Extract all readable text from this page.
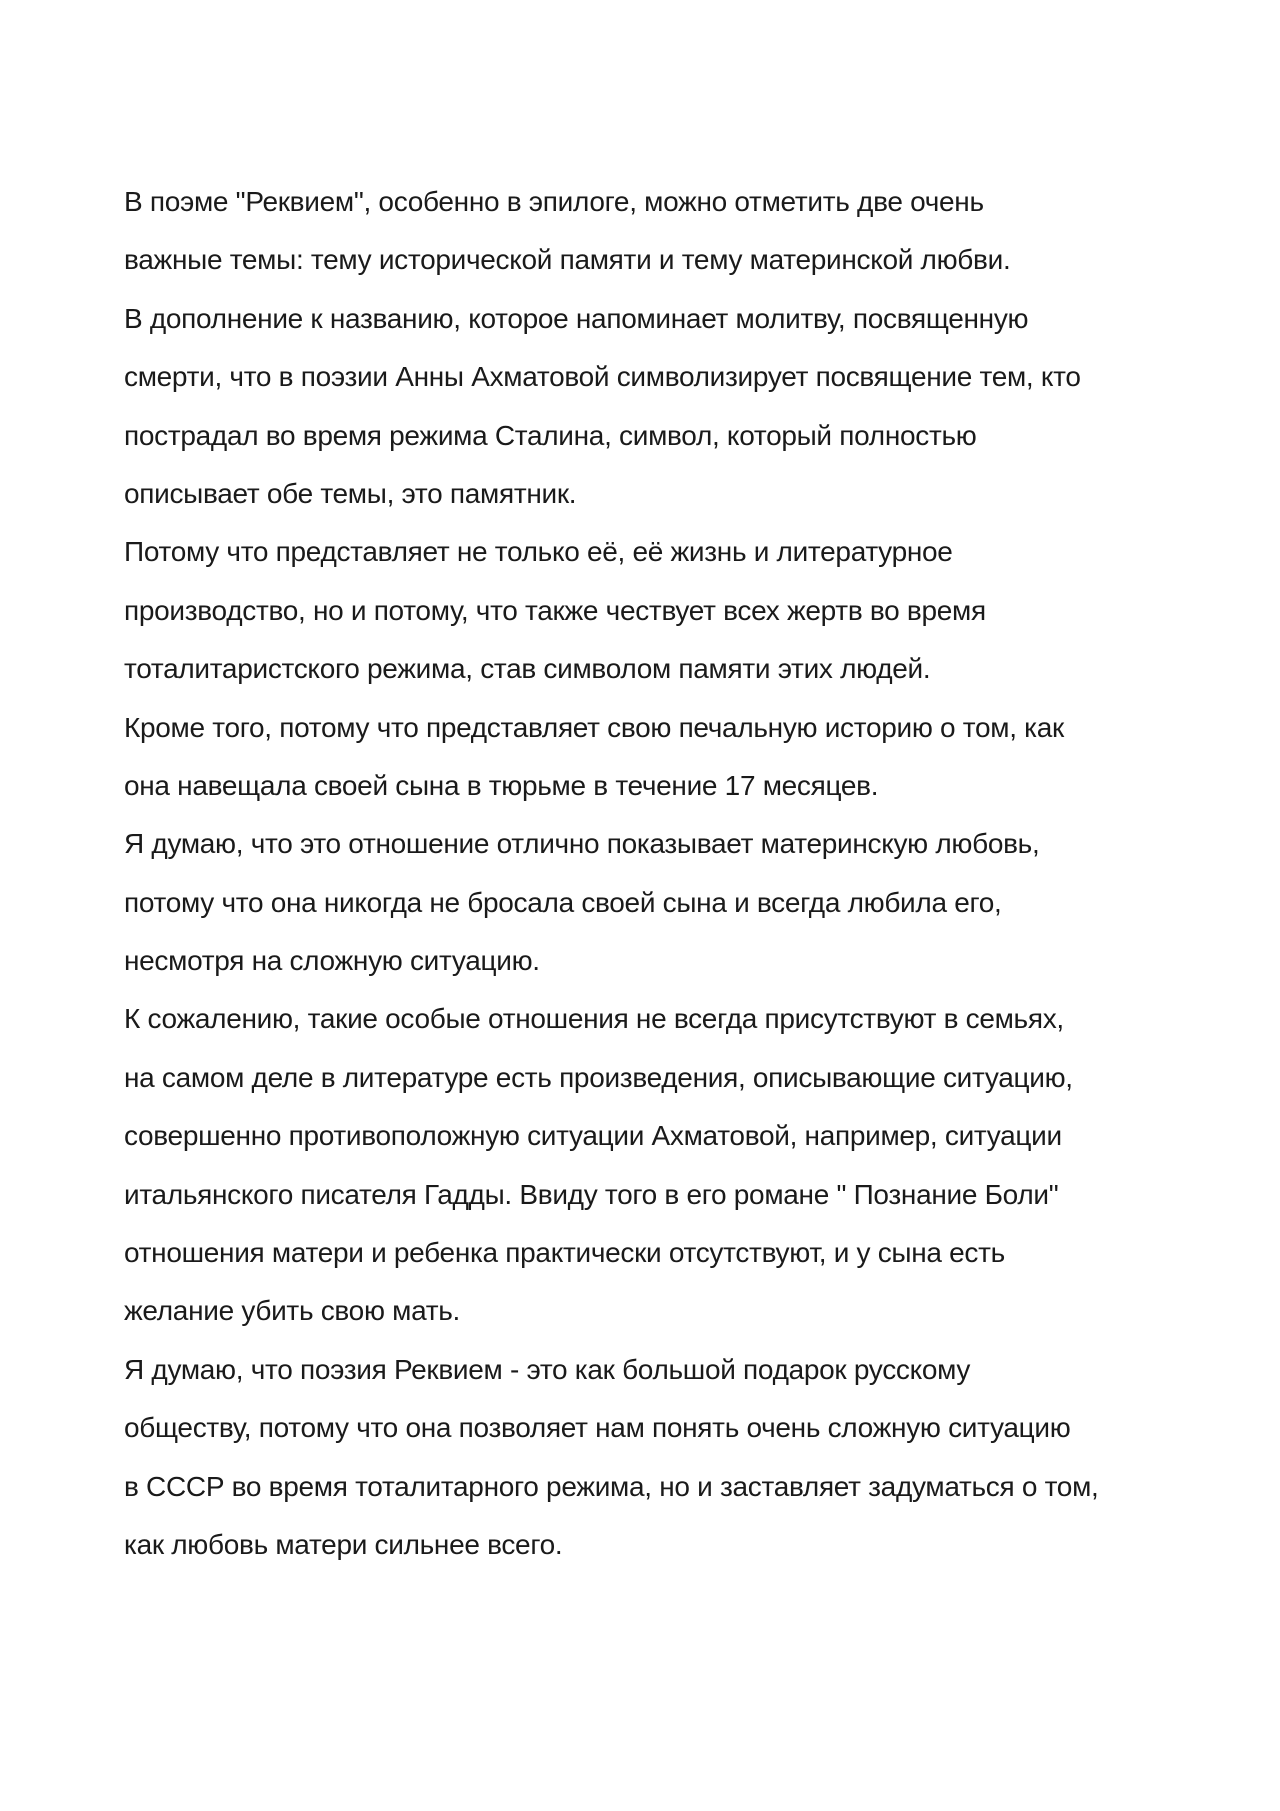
В поэме "Реквием", особенно в эпилоге, можно отметить две очень
важные темы: тему исторической памяти и тему материнской любви.
В дополнение к названию, которое напоминает молитву, посвященную
смерти, что в поэзии Анны Ахматовой символизирует посвящение тем, кто
пострадал во время режима Сталина, символ, который полностью
описывает обе темы, это памятник.
Потому что представляет не только её, её жизнь и литературное
производство, но и потому, что также чествует всех жертв во время
тоталитаристского режима, став символом памяти этих людей.
Кроме того, потому что представляет свою печальную историю о том, как
она навещала своей сына в тюрьме в течение 17 месяцев.
Я думаю, что это отношение отлично показывает материнскую любовь,
потому что она никогда не бросала своей сына и всегда любила его,
несмотря на сложную ситуацию.
К сожалению, такие особые отношения не всегда присутствуют в семьях,
на самом деле в литературе есть произведения, описывающие ситуацию,
совершенно противоположную ситуации Ахматовой, например, ситуации
итальянского писателя Гадды. Ввиду того в его романе " Познание Боли"
отношения матери и ребенка практически отсутствуют, и у сына есть
желание убить свою мать.
Я думаю, что поэзия Реквием - это как большой подарок русскому
обществу, потому что она позволяет нам понять очень сложную ситуацию
в СССР во время тоталитарного режима, но и заставляет задуматься о том,
как любовь матери сильнее всего.
